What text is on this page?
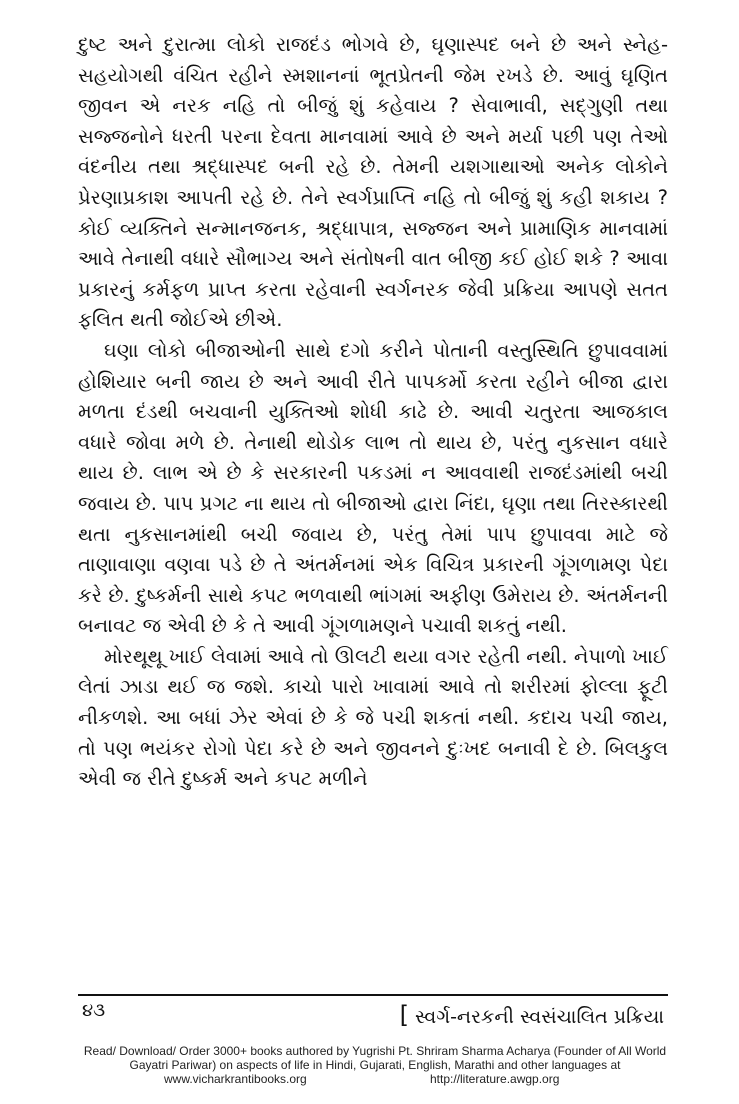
દુષ્ટ અને દુરાત્મા લોકો રાજદંડ ભોગવે છે, ઘૃણાસ્પદ બને છે અને સ્નેહ-સહયોગથી વંચિત રહીને સ્મશાનનાં ભૂતપ્રેતની જેમ રખડે છે. આવું ઘૃણિત જીવન એ નરક નહિ તો બીજું શું કહેવાય ? સેવાભાવી, સદ્ગુણી તથા સજ્જનોને ધરતી પરના દેવતા માનવામાં આવે છે અને મર્યા પછી પણ તેઓ વંદનીય તથા શ્રદ્ધાસ્પદ બની રહે છે. તેમની યશગાથાઓ અનેક લોકોને પ્રેરણાપ્રકાશ આપતી રહે છે. તેને સ્વર્ગપ્રાપ્તિ નહિ તો બીજું શું કહી શકાય ? કોઈ વ્યક્તિને સન્માનજનક, શ્રદ્ધાપાત્ર, સજ્જન અને પ્રામાણિક માનવામાં આવે તેનાથી વધારે સૌભાગ્ય અને સંતોષની વાત બીજી કઈ હોઈ શકે ? આવા પ્રકારનું કર્મફળ પ્રાપ્ત કરતા રહેવાની સ્વર્ગનરક જેવી પ્રક્રિયા આપણે સતત ફલિત થતી જોઈએ છીએ.

ઘણા લોકો બીજાઓની સાથે દગો કરીને પોતાની વસ્તુસ્થિતિ છુપાવવામાં હોશિયાર બની જાય છે અને આવી રીતે પાપકર્મો કરતા રહીને બીજા દ્વારા મળતા દંડથી બચવાની યુક્તિઓ શોધી કાઢે છે. આવી ચતુરતા આજકાલ વધારે જોવા મળે છે. તેનાથી થોડોક લાભ તો થાય છે, પરંતુ નુકસાન વધારે થાય છે. લાભ એ છે કે સરકારની પકડમાં ન આવવાથી રાજદંડમાંથી બચી જવાય છે. પાપ પ્રગટ ના થાય તો બીજાઓ દ્વારા નિંદા, ઘૃણા તથા તિરસ્કારથી થતા નુકસાનમાંથી બચી જવાય છે, પરંતુ તેમાં પાપ છુપાવવા માટે જે તાણાવાણા વણવા પડે છે તે અંતર્મનમાં એક વિચિત્ર પ્રકારની ગૂંગળામણ પેદા કરે છે. દુષ્કર્મની સાથે કપટ ભળવાથી ભાંગમાં અફીણ ઉમેરાય છે. અંતર્મનની બનાવટ જ એવી છે કે તે આવી ગૂંગળામણને પચાવી શકતું નથી.

મોરથૂથૂ ખાઈ લેવામાં આવે તો ઊલટી થયા વગર રહેતી નથી. નેપાળો ખાઈ લેતાં ઝાડા થઈ જ જશે. કાચો પારો ખાવામાં આવે તો શરીરમાં ફોલ્લા ફૂટી નીકળશે. આ બધાં ઝેર એવાં છે કે જે પચી શકતાં નથી. કદાચ પચી જાય, તો પણ ભયંકર રોગો પેદા કરે છે અને જીવનને દુઃખદ બનાવી દે છે. બિલકુલ એવી જ રીતે દુષ્કર્મ અને કપટ મળીને

૪૩	[ સ્વર્ગ-નરકની સ્વસંચાલિત પ્રક્રિયા
Read/ Download/ Order 3000+ books authored by Yugrishi Pt. Shriram Sharma Acharya (Founder of All World Gayatri Pariwar) on aspects of life in Hindi, Gujarati, English, Marathi and other languages at
www.vicharkrantibooks.org	http://literature.awgp.org
